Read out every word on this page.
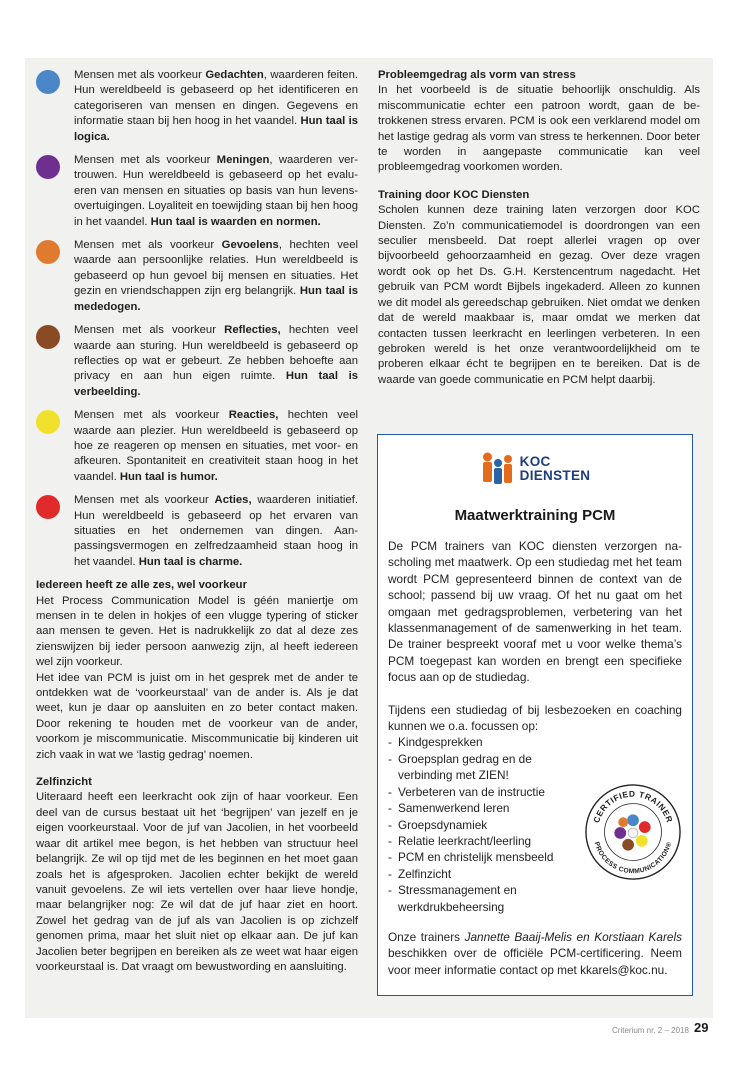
Mensen met als voorkeur Gedachten, waarderen feiten. Hun wereldbeeld is gebaseerd op het identificeren en categoriseren van mensen en dingen. Gegevens en informatie staan bij hen hoog in het vaandel. Hun taal is logica.
Mensen met als voorkeur Meningen, waarderen vertrouwen. Hun wereldbeeld is gebaseerd op het evalueren van mensen en situaties op basis van hun levensovertuigingen. Loyaliteit en toewijding staan bij hen hoog in het vaandel. Hun taal is waarden en normen.
Mensen met als voorkeur Gevoelens, hechten veel waarde aan persoonlijke relaties. Hun wereldbeeld is gebaseerd op hun gevoel bij mensen en situaties. Het gezin en vriendschappen zijn erg belangrijk. Hun taal is mededogen.
Mensen met als voorkeur Reflecties, hechten veel waarde aan sturing. Hun wereldbeeld is gebaseerd op reflecties op wat er gebeurt. Ze hebben behoefte aan privacy en aan hun eigen ruimte. Hun taal is verbeelding.
Mensen met als voorkeur Reacties, hechten veel waarde aan plezier. Hun wereldbeeld is gebaseerd op hoe ze reageren op mensen en situaties, met voor- en afkeuren. Spontaniteit en creativiteit staan hoog in het vaandel. Hun taal is humor.
Mensen met als voorkeur Acties, waarderen initiatief. Hun wereldbeeld is gebaseerd op het ervaren van situaties en het ondernemen van dingen. Aanpassingsvermogen en zelfredzaamheid staan hoog in het vaandel. Hun taal is charme.
Iedereen heeft ze alle zes, wel voorkeur
Het Process Communication Model is géén maniertje om mensen in te delen in hokjes of een vlugge typering of sticker aan mensen te geven. Het is nadrukkelijk zo dat al deze zes zienswijzen bij ieder persoon aanwezig zijn, al heeft iedereen wel zijn voorkeur.
Het idee van PCM is juist om in het gesprek met de ander te ontdekken wat de ‘voorkeurstaal’ van de ander is. Als je dat weet, kun je daar op aansluiten en zo beter contact maken. Door rekening te houden met de voorkeur van de ander, voorkom je miscommunicatie. Miscommunicatie bij kinderen uit zich vaak in wat we ‘lastig gedrag’ noemen.
Zelfinzicht
Uiteraard heeft een leerkracht ook zijn of haar voorkeur. Een deel van de cursus bestaat uit het ‘begrijpen’ van jezelf en je eigen voorkeurstaal. Voor de juf van Jacolien, in het voorbeeld waar dit artikel mee begon, is het hebben van structuur heel belangrijk. Ze wil op tijd met de les beginnen en het moet gaan zoals het is afgesproken. Jacolien echter bekijkt de wereld vanuit gevoelens. Ze wil iets vertellen over haar lieve hondje, maar belangrijker nog: Ze wil dat de juf haar ziet en hoort. Zowel het gedrag van de juf als van Jacolien is op zichzelf genomen prima, maar het sluit niet op elkaar aan. De juf kan Jacolien beter begrijpen en bereiken als ze weet wat haar eigen voorkeurstaal is. Dat vraagt om bewustwording en aansluiting.
Probleemgedrag als vorm van stress
In het voorbeeld is de situatie behoorlijk onschuldig. Als miscommunicatie echter een patroon wordt, gaan de betrokkenen stress ervaren. PCM is ook een verklarend model om het lastige gedrag als vorm van stress te herkennen. Door beter te worden in aangepaste communicatie kan veel probleemgedrag voorkomen worden.
Training door KOC Diensten
Scholen kunnen deze training laten verzorgen door KOC Diensten. Zo’n communicatiemodel is doordrongen van een seculier mensbeeld. Dat roept allerlei vragen op over bijvoorbeeld gehoorzaamheid en gezag. Over deze vragen wordt ook op het Ds. G.H. Kerstencentrum nagedacht. Het gebruik van PCM wordt Bijbels ingekaderd. Alleen zo kunnen we dit model als gereedschap gebruiken. Niet omdat we denken dat de wereld maakbaar is, maar omdat we merken dat contacten tussen leerkracht en leerlingen verbeteren. In een gebroken wereld is het onze verantwoordelijkheid om te proberen elkaar écht te begrijpen en te bereiken. Dat is de waarde van goede communicatie en PCM helpt daarbij.
KOC
DIENSTEN
Maatwerktraining PCM
De PCM trainers van KOC diensten verzorgen nascholing met maatwerk. Op een studiedag met het team wordt PCM gepresenteerd binnen de context van de school; passend bij uw vraag. Of het nu gaat om het omgaan met gedragsproblemen, verbetering van het klassenmanagement of de samenwerking in het team. De trainer bespreekt vooraf met u voor welke thema’s PCM toegepast kan worden en brengt een specifieke focus aan op de studiedag.
Tijdens een studiedag of bij lesbezoeken en coaching kunnen we o.a. focussen op:
- Kindgesprekken
- Groepsplan gedrag en de verbinding met ZIEN!
- Verbeteren van de instructie
- Samenwerkend leren
- Groepsdynamiek
- Relatie leerkracht/leerling
- PCM en christelijk mensbeeld
- Zelfinzicht
- Stressmanagement en werkdrukbeheersing
Onze trainers Jannette Baaij-Melis en Korstiaan Karels beschikken over de officiële PCM-certificering. Neem voor meer informatie contact op met kkarels@koc.nu.
CERTIFIED TRAINER
PROCESS COMMUNICATION®
Criterium nr. 2 – 2018 29
